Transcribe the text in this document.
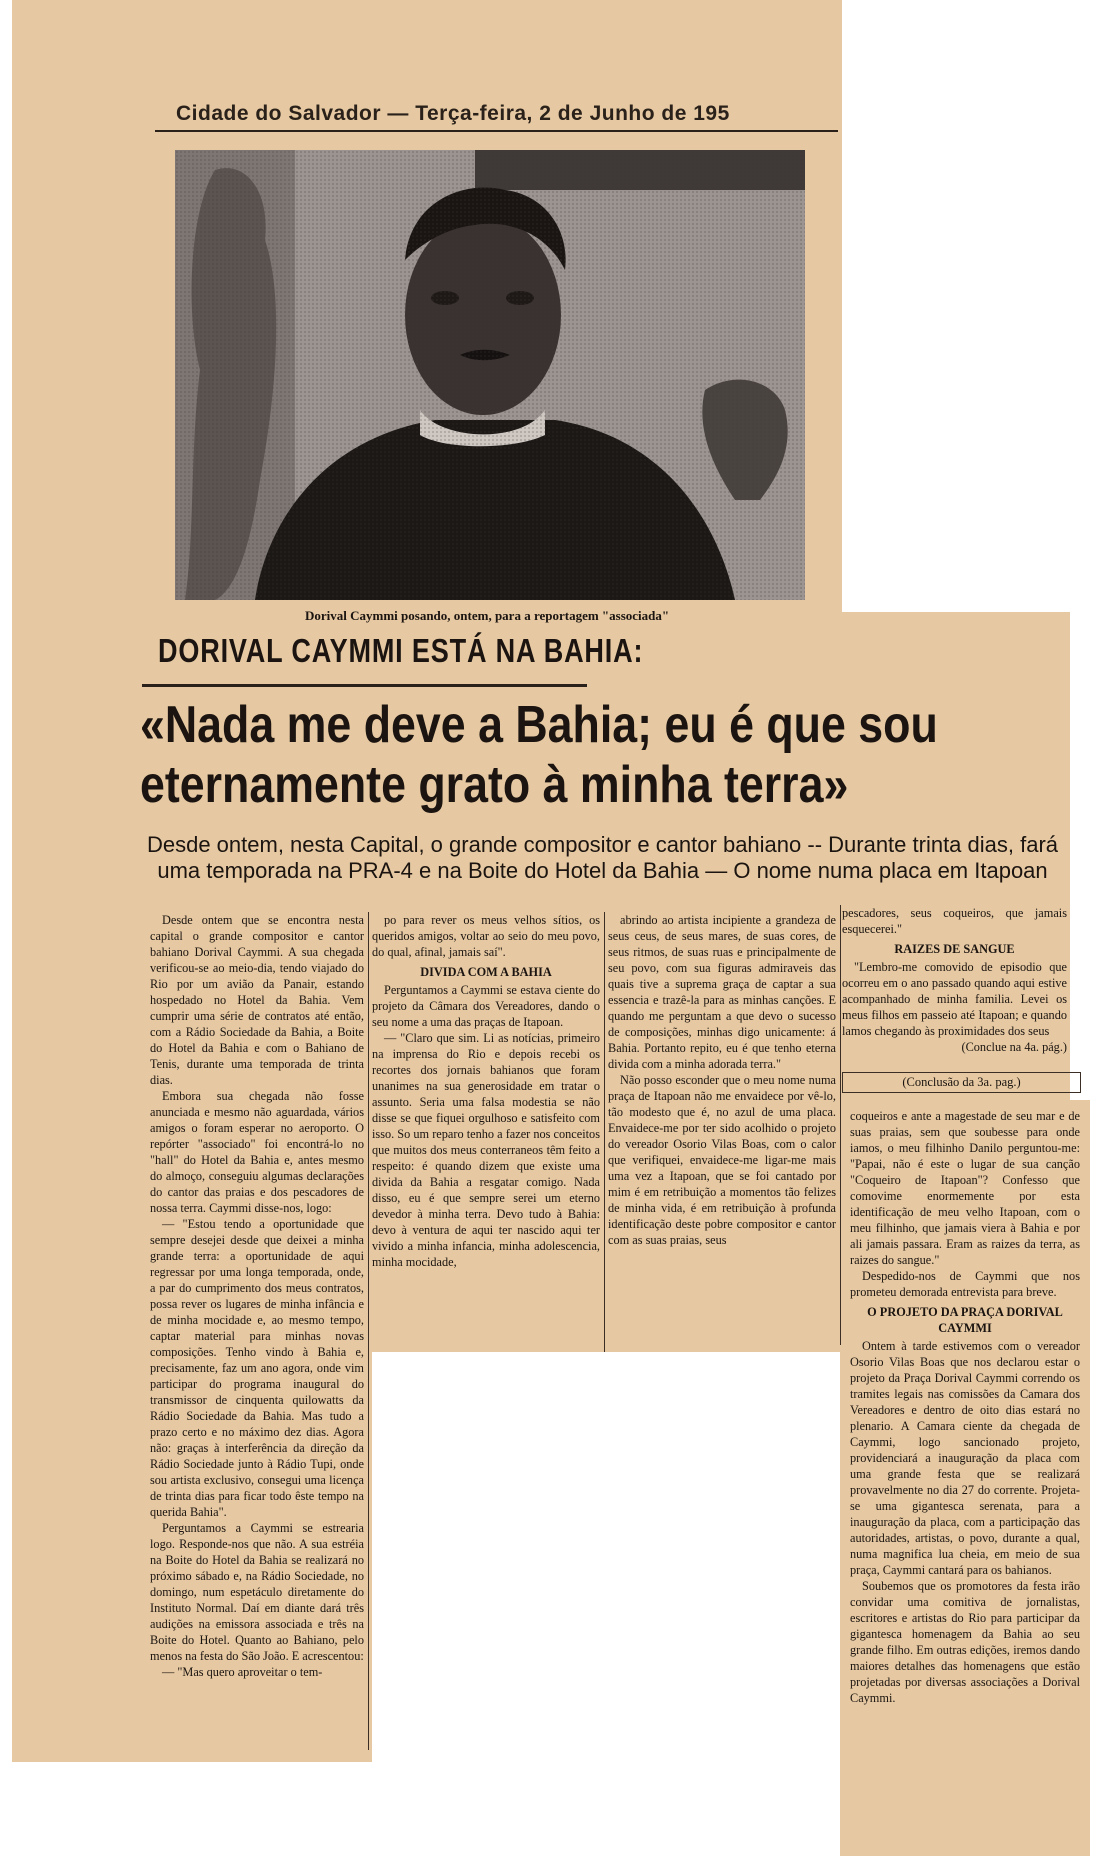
Cidade do Salvador — Terça-feira, 2 de Junho de 195
Dorival Caymmi posando, ontem, para a reportagem "associada"
DORIVAL CAYMMI ESTÁ NA BAHIA:
«Nada me deve a Bahia; eu é que sou eternamente grato à minha terra»
Desde ontem, nesta Capital, o grande compositor e cantor bahiano -- Durante trinta dias, fará uma temporada na PRA-4 e na Boite do Hotel da Bahia — O nome numa placa em Itapoan

Desde ontem que se encontra nesta capital o grande compositor e cantor bahiano Dorival Caymmi. A sua chegada verificou-se ao meio-dia, tendo viajado do Rio por um avião da Panair, estando hospedado no Hotel da Bahia. Vem cumprir uma série de contratos até então, com a Rádio Sociedade da Bahia, a Boite do Hotel da Bahia e com o Bahiano de Tenis, durante uma temporada de trinta dias.

Embora sua chegada não fosse anunciada e mesmo não aguardada, vários amigos o foram esperar no aeroporto. O repórter "associado" foi encontrá-lo no "hall" do Hotel da Bahia e, antes mesmo do almoço, conseguiu algumas declarações do cantor das praias e dos pescadores de nossa terra. Caymmi disse-nos, logo:

— "Estou tendo a oportunidade que sempre desejei desde que deixei a minha grande terra: a oportunidade de aqui regressar por uma longa temporada, onde, a par do cumprimento dos meus contratos, possa rever os lugares de minha infância e de minha mocidade e, ao mesmo tempo, captar material para minhas novas composições. Tenho vindo à Bahia e, precisamente, faz um ano agora, onde vim participar do programa inaugural do transmissor de cinquenta quilowatts da Rádio Sociedade da Bahia. Mas tudo a prazo certo e no máximo dez dias. Agora não: graças à interferência da direção da Rádio Sociedade junto à Rádio Tupi, onde sou artista exclusivo, consegui uma licença de trinta dias para ficar todo êste tempo na querida Bahia".

Perguntamos a Caymmi se estrearia logo. Responde-nos que não. A sua estréia na Boite do Hotel da Bahia se realizará no próximo sábado e, na Rádio Sociedade, no domingo, num espetáculo diretamente do Instituto Normal. Daí em diante dará três audições na emissora associada e três na Boite do Hotel. Quanto ao Bahiano, pelo menos na festa do São João. E acrescentou:

— "Mas quero aproveitar o tem-

po para rever os meus velhos sítios, os queridos amigos, voltar ao seio do meu povo, do qual, afinal, jamais saí".

DIVIDA COM A BAHIA

Perguntamos a Caymmi se estava ciente do projeto da Câmara dos Vereadores, dando o seu nome a uma das praças de Itapoan.

— "Claro que sim. Li as notícias, primeiro na imprensa do Rio e depois recebi os recortes dos jornais bahianos que foram unanimes na sua generosidade em tratar o assunto. Seria uma falsa modestia se não disse se que fiquei orgulhoso e satisfeito com isso. So um reparo tenho a fazer nos conceitos que muitos dos meus conterraneos têm feito a respeito: é quando dizem que existe uma divida da Bahia a resgatar comigo. Nada disso, eu é que sempre serei um eterno devedor à minha terra. Devo tudo à Bahia: devo à ventura de aqui ter nascido aqui ter vivido a minha infancia, minha adolescencia, minha mocidade,

abrindo ao artista incipiente a grandeza de seus ceus, de seus mares, de suas cores, de seus ritmos, de suas ruas e principalmente de seu povo, com sua figuras admiraveis das quais tive a suprema graça de captar a sua essencia e trazê-la para as minhas canções. E quando me perguntam a que devo o sucesso de composições, minhas digo unicamente: á Bahia. Portanto repito, eu é que tenho eterna divida com a minha adorada terra."

Não posso esconder que o meu nome numa praça de Itapoan não me envaidece por vê-lo, tão modesto que é, no azul de uma placa. Envaidece-me por ter sido acolhido o projeto do vereador Osorio Vilas Boas, com o calor que verifiquei, envaidece-me ligar-me mais uma vez a Itapoan, que se foi cantado por mim é em retribuição a momentos tão felizes de minha vida, é em retribuição à profunda identificação deste pobre compositor e cantor com as suas praias, seus

pescadores, seus coqueiros, que jamais esquecerei."

RAIZES DE SANGUE

"Lembro-me comovido de episodio que ocorreu em o ano passado quando aqui estive acompanhado de minha familia. Levei os meus filhos em passeio até Itapoan; e quando lamos chegando às proximidades dos seus

(Conclue na 4a. pág.)

(Conclusão da 3a. pag.)

coqueiros e ante a magestade de seu mar e de suas praias, sem que soubesse para onde iamos, o meu filhinho Danilo perguntou-me: "Papai, não é este o lugar de sua canção "Coqueiro de Itapoan"? Confesso que comovime enormemente por esta identificação de meu velho Itapoan, com o meu filhinho, que jamais viera à Bahia e por ali jamais passara. Eram as raizes da terra, as raizes do sangue."

Despedido-nos de Caymmi que nos prometeu demorada entrevista para breve.

O PROJETO DA PRAÇA DORIVAL CAYMMI

Ontem à tarde estivemos com o vereador Osorio Vilas Boas que nos declarou estar o projeto da Praça Dorival Caymmi correndo os tramites legais nas comissões da Camara dos Vereadores e dentro de oito dias estará no plenario. A Camara ciente da chegada de Caymmi, logo sancionado projeto, providenciará a inauguração da placa com uma grande festa que se realizará provavelmente no dia 27 do corrente. Projeta-se uma gigantesca serenata, para a inauguração da placa, com a participação das autoridades, artistas, o povo, durante a qual, numa magnifica lua cheia, em meio de sua praça, Caymmi cantará para os bahianos.

Soubemos que os promotores da festa irão convidar uma comitiva de jornalistas, escritores e artistas do Rio para participar da gigantesca homenagem da Bahia ao seu grande filho. Em outras edições, iremos dando maiores detalhes das homenagens que estão projetadas por diversas associações a Dorival Caymmi.
